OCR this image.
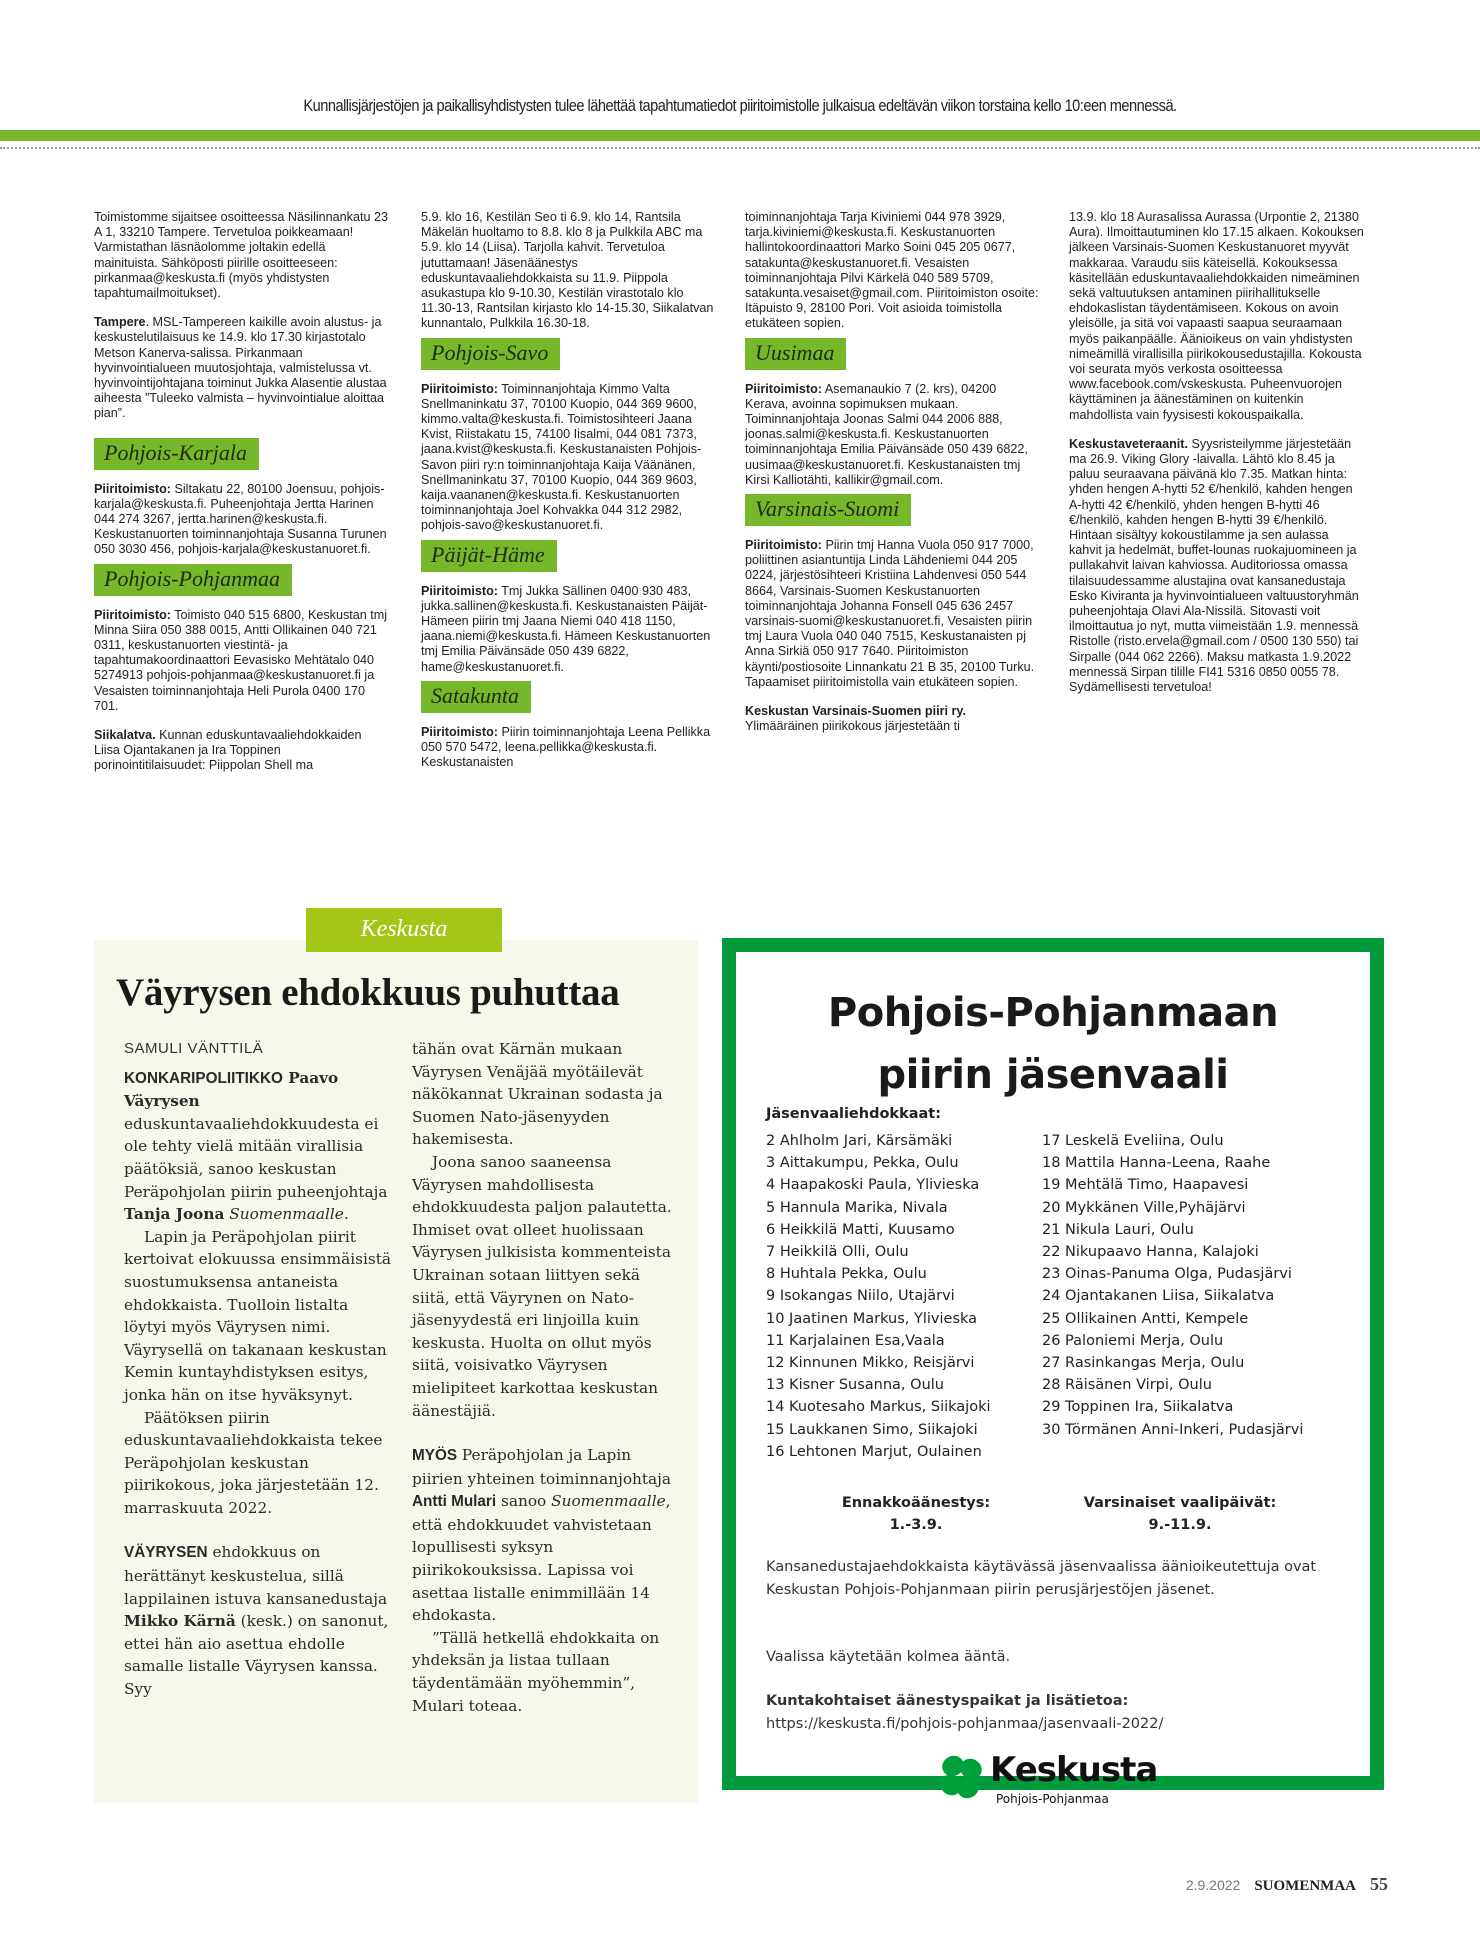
Kunnallisjärjestöjen ja paikallisyhdistysten tulee lähettää tapahtumatiedot piiritoimistolle julkaisua edeltävän viikon torstaina kello 10:een mennessä.

Toimistomme sijaitsee osoitteessa Näsilinnankatu 23 A 1, 33210 Tampere. Tervetuloa poikkeamaan! Varmistathan läsnäolomme joltakin edellä mainituista. Sähköposti piirille osoitteeseen: pirkanmaa@keskusta.fi (myös yhdistysten tapahtumailmoitukset).

Tampere. MSL-Tampereen kaikille avoin alustus- ja keskustelutilaisuus ke 14.9. klo 17.30 kirjastotalo Metson Kanerva-salissa. Pirkanmaan hyvinvointialueen muutosjohtaja, valmistelussa vt. hyvinvointijohtajana toiminut Jukka Alasentie alustaa aiheesta ”Tuleeko valmista – hyvinvointialue aloittaa pian”.

Pohjois-Karjala

Piiritoimisto: Siltakatu 22, 80100 Joensuu, pohjois-karjala@keskusta.fi. Puheenjohtaja Jertta Harinen 044 274 3267, jertta.harinen@keskusta.fi. Keskustanuorten toiminnanjohtaja Susanna Turunen 050 3030 456, pohjois-karjala@keskustanuoret.fi.

Pohjois-Pohjanmaa

Piiritoimisto: Toimisto 040 515 6800, Keskustan tmj Minna Siira 050 388 0015, Antti Ollikainen 040 721 0311, keskustanuorten viestintä- ja tapahtumakoordinaattori Eevasisko Mehtätalo 040 5274913 pohjois-pohjanmaa@keskustanuoret.fi ja Vesaisten toiminnanjohtaja Heli Purola 0400 170 701.

Siikalatva. Kunnan eduskuntavaaliehdokkaiden Liisa Ojantakanen ja Ira Toppinen porinointitilaisuudet: Piippolan Shell ma

5.9. klo 16, Kestilän Seo ti 6.9. klo 14, Rantsila Mäkelän huoltamo to 8.8. klo 8 ja Pulkkila ABC ma 5.9. klo 14 (Liisa). Tarjolla kahvit. Tervetuloa jututtamaan! Jäsenäänestys eduskuntavaaliehdokkaista su 11.9. Piippola asukastupa klo 9-10.30, Kestilän virastotalo klo 11.30-13, Rantsilan kirjasto klo 14-15.30, Siikalatvan kunnantalo, Pulkkila 16.30-18.

Pohjois-Savo

Piiritoimisto: Toiminnanjohtaja Kimmo Valta Snellmaninkatu 37, 70100 Kuopio, 044 369 9600, kimmo.valta@keskusta.fi. Toimistosihteeri Jaana Kvist, Riistakatu 15, 74100 Iisalmi, 044 081 7373, jaana.kvist@keskusta.fi. Keskustanaisten Pohjois-Savon piiri ry:n toiminnanjohtaja Kaija Väänänen, Snellmaninkatu 37, 70100 Kuopio, 044 369 9603, kaija.vaananen@keskusta.fi. Keskustanuorten toiminnanjohtaja Joel Kohvakka 044 312 2982, pohjois-savo@keskustanuoret.fi.

Päijät-Häme

Piiritoimisto: Tmj Jukka Sällinen 0400 930 483, jukka.sallinen@keskusta.fi. Keskustanaisten Päijät-Hämeen piirin tmj Jaana Niemi 040 418 1150, jaana.niemi@keskusta.fi. Hämeen Keskustanuorten tmj Emilia Päivänsäde 050 439 6822, hame@keskustanuoret.fi.

Satakunta

Piiritoimisto: Piirin toiminnanjohtaja Leena Pellikka 050 570 5472, leena.pellikka@keskusta.fi. Keskustanaisten

toiminnanjohtaja Tarja Kiviniemi 044 978 3929, tarja.kiviniemi@keskusta.fi. Keskustanuorten hallintokoordinaattori Marko Soini 045 205 0677, satakunta@keskustanuoret.fi. Vesaisten toiminnanjohtaja Pilvi Kärkelä 040 589 5709, satakunta.vesaiset@gmail.com. Piiritoimiston osoite: Itäpuisto 9, 28100 Pori. Voit asioida toimistolla etukäteen sopien.

Uusimaa

Piiritoimisto: Asemanaukio 7 (2. krs), 04200 Kerava, avoinna sopimuksen mukaan. Toiminnanjohtaja Joonas Salmi 044 2006 888, joonas.salmi@keskusta.fi. Keskustanuorten toiminnanjohtaja Emilia Päivänsäde 050 439 6822, uusimaa@keskustanuoret.fi. Keskustanaisten tmj Kirsi Kalliotähti, kallikir@gmail.com.

Varsinais-Suomi

Piiritoimisto: Piirin tmj Hanna Vuola 050 917 7000, poliittinen asiantuntija Linda Lähdeniemi 044 205 0224, järjestösihteeri Kristiina Lahdenvesi 050 544 8664, Varsinais-Suomen Keskustanuorten toiminnanjohtaja Johanna Fonsell 045 636 2457 varsinais-suomi@keskustanuoret.fi, Vesaisten piirin tmj Laura Vuola 040 040 7515, Keskustanaisten pj Anna Sirkiä 050 917 7640. Piiritoimiston käynti/postiosoite Linnankatu 21 B 35, 20100 Turku. Tapaamiset piiritoimistolla vain etukäteen sopien.

Keskustan Varsinais-Suomen piiri ry.
Ylimääräinen piirikokous järjestetään ti

13.9. klo 18 Aurasalissa Aurassa (Urpontie 2, 21380 Aura). Ilmoittautuminen klo 17.15 alkaen. Kokouksen jälkeen Varsinais-Suomen Keskustanuoret myyvät makkaraa. Varaudu siis käteisellä. Kokouksessa käsitellään eduskuntavaaliehdokkaiden nimeäminen sekä valtuutuksen antaminen piirihallitukselle ehdokaslistan täydentämiseen. Kokous on avoin yleisölle, ja sitä voi vapaasti saapua seuraamaan myös paikanpäälle. Äänioikeus on vain yhdistysten nimeämillä virallisilla piirikokousedustajilla. Kokousta voi seurata myös verkosta osoitteessa www.facebook.com/vskeskusta. Puheenvuorojen käyttäminen ja äänestäminen on kuitenkin mahdollista vain fyysisesti kokouspaikalla.

Keskustaveteraanit. Syysristeilymme järjestetään ma 26.9. Viking Glory -laivalla. Lähtö klo 8.45 ja paluu seuraavana päivänä klo 7.35. Matkan hinta: yhden hengen A-hytti 52 €/henkilö, kahden hengen A-hytti 42 €/henkilö, yhden hengen B-hytti 46 €/henkilö, kahden hengen B-hytti 39 €/henkilö. Hintaan sisältyy kokoustilamme ja sen aulassa kahvit ja hedelmät, buffet-lounas ruokajuomineen ja pullakahvit laivan kahviossa. Auditoriossa omassa tilaisuudessamme alustajina ovat kansanedustaja Esko Kiviranta ja hyvinvointialueen valtuustoryhmän puheenjohtaja Olavi Ala-Nissilä. Sitovasti voit ilmoittautua jo nyt, mutta viimeistään 1.9. mennessä Ristolle (risto.ervela@gmail.com / 0500 130 550) tai Sirpalle (044 062 2266). Maksu matkasta 1.9.2022 mennessä Sirpan tilille FI41 5316 0850 0055 78. Sydämellisesti tervetuloa!

Väyrysen ehdokkuus puhuttaa
SAMULI VÄNTTILÄ

KONKARIPOLIITIKKO Paavo Väyrysen eduskuntavaaliehdokkuudesta ei ole tehty vielä mitään virallisia päätöksiä, sanoo keskustan Peräpohjolan piirin puheenjohtaja Tanja Joona Suomenmaalle.

Lapin ja Peräpohjolan piirit kertoivat elokuussa ensimmäisistä suostumuksensa antaneista ehdokkaista. Tuolloin listalta löytyi myös Väyrysen nimi. Väyrysellä on takanaan keskustan Kemin kuntayhdistyksen esitys, jonka hän on itse hyväksynyt.

Päätöksen piirin eduskuntavaaliehdokkaista tekee Peräpohjolan keskustan piirikokous, joka järjestetään 12. marraskuuta 2022.

VÄYRYSEN ehdokkuus on herättänyt keskustelua, sillä lappilainen istuva kansanedustaja Mikko Kärnä (kesk.) on sanonut, ettei hän aio asettua ehdolle samalle listalle Väyrysen kanssa. Syy

tähän ovat Kärnän mukaan Väyrysen Venäjää myötäilevät näkökannat Ukrainan sodasta ja Suomen Nato-jäsenyyden hakemisesta.

Joona sanoo saaneensa Väyrysen mahdollisesta ehdokkuudesta paljon palautetta. Ihmiset ovat olleet huolissaan Väyrysen julkisista kommenteista Ukrainan sotaan liittyen sekä siitä, että Väyrynen on Nato-jäsenyydestä eri linjoilla kuin keskusta. Huolta on ollut myös siitä, voisivatko Väyrysen mielipiteet karkottaa keskustan äänestäjiä.

MYÖS Peräpohjolan ja Lapin piirien yhteinen toiminnanjohtaja Antti Mulari sanoo Suomenmaalle, että ehdokkuudet vahvistetaan lopullisesti syksyn piirikokouksissa. Lapissa voi asettaa listalle enimmillään 14 ehdokasta.

”Tällä hetkellä ehdokkaita on yhdeksän ja listaa tullaan täydentämään myöhemmin”, Mulari toteaa.

Keskusta
Pohjois-Pohjanmaan
piirin jäsenvaali
Jäsenvaaliehdokkaat:
2 Ahlholm Jari, Kärsämäki
3 Aittakumpu, Pekka, Oulu
4 Haapakoski Paula, Ylivieska
5 Hannula Marika, Nivala
6 Heikkilä Matti, Kuusamo
7 Heikkilä Olli, Oulu
8 Huhtala Pekka, Oulu
9 Isokangas Niilo, Utajärvi
10 Jaatinen Markus, Ylivieska
11 Karjalainen Esa,Vaala
12 Kinnunen Mikko, Reisjärvi
13 Kisner Susanna, Oulu
14 Kuotesaho Markus, Siikajoki
15 Laukkanen Simo, Siikajoki
16 Lehtonen Marjut, Oulainen
17 Leskelä Eveliina, Oulu
18 Mattila Hanna-Leena, Raahe
19 Mehtälä Timo, Haapavesi
20 Mykkänen Ville,Pyhäjärvi
21 Nikula Lauri, Oulu
22 Nikupaavo Hanna, Kalajoki
23 Oinas-Panuma Olga, Pudasjärvi
24 Ojantakanen Liisa, Siikalatva
25 Ollikainen Antti, Kempele
26 Paloniemi Merja, Oulu
27 Rasinkangas Merja, Oulu
28 Räisänen Virpi, Oulu
29 Toppinen Ira, Siikalatva
30 Törmänen Anni-Inkeri, Pudasjärvi
Ennakkoäänestys:
1.-3.9.
Varsinaiset vaalipäivät:
9.-11.9.
Kansanedustajaehdokkaista käytävässä jäsenvaalissa äänioikeutettuja ovat Keskustan Pohjois-Pohjanmaan piirin perusjärjestöjen jäsenet.
Vaalissa käytetään kolmea ääntä.
Kuntakohtaiset äänestyspaikat ja lisätietoa:
https://keskusta.fi/pohjois-pohjanmaa/jasenvaali-2022/
Keskusta
Pohjois-Pohjanmaa
2.9.2022 SUOMENMAA 55
